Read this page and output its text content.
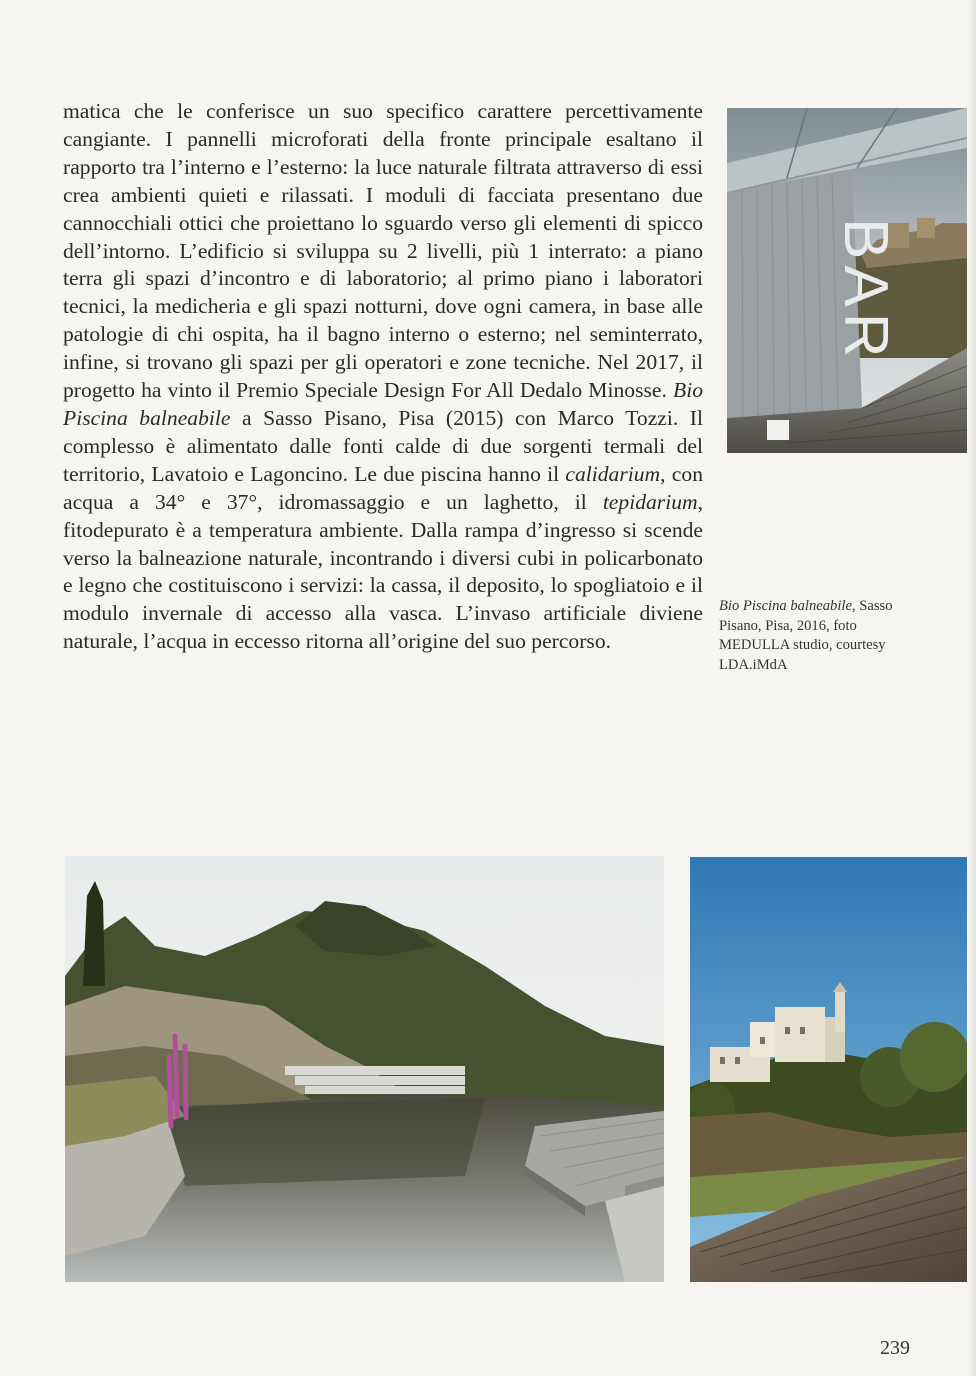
matica che le conferisce un suo specifico carattere percettivamente cangiante. I pannelli microforati della fronte principale esaltano il rapporto tra l’interno e l’esterno: la luce naturale filtrata attraverso di essi crea ambienti quieti e rilassati. I moduli di facciata presentano due cannocchiali ottici che proiettano lo sguardo verso gli elementi di spicco dell’intorno. L’edificio si sviluppa su 2 livelli, più 1 interrato: a piano terra gli spazi d’incontro e di laboratorio; al primo piano i laboratori tecnici, la medicheria e gli spazi notturni, dove ogni camera, in base alle patologie di chi ospita, ha il bagno interno o esterno; nel seminterrato, infine, si trovano gli spazi per gli operatori e zone tecniche. Nel 2017, il progetto ha vinto il Premio Speciale Design For All Dedalo Minosse. Bio Piscina balneabile a Sasso Pisano, Pisa (2015) con Marco Tozzi. Il complesso è alimentato dalle fonti calde di due sorgenti termali del territorio, Lavatoio e Lagoncino. Le due piscina hanno il calidarium, con acqua a 34° e 37°, idromassaggio e un laghetto, il tepidarium, fitodepurato è a temperatura ambiente. Dalla rampa d’ingresso si scende verso la balneazione naturale, incontrando i diversi cubi in policarbonato e legno che costituiscono i servizi: la cassa, il deposito, lo spogliatoio e il modulo invernale di accesso alla vasca. L’invaso artificiale diviene naturale, l’acqua in eccesso ritorna all’origine del suo percorso.

BAR
Bio Piscina balneabile, Sasso Pisano, Pisa, 2016, foto MEDULLA studio, courtesy LDA.iMdA
239
